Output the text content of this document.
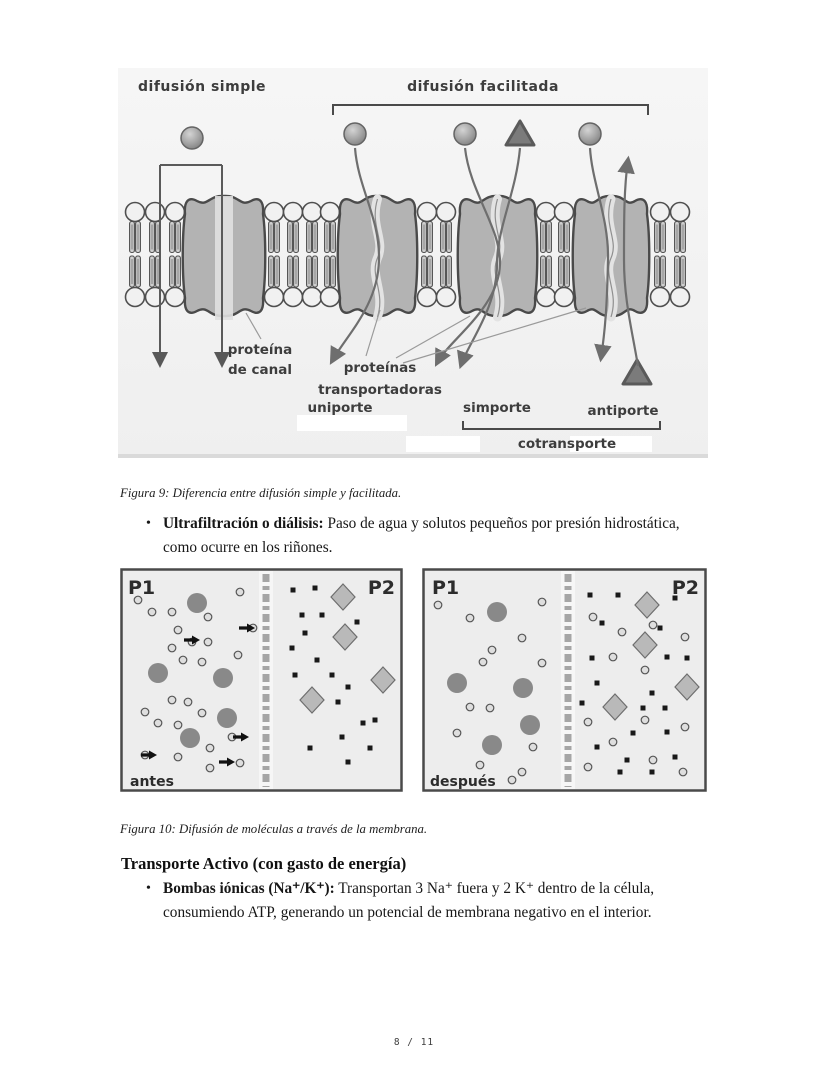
difusión simple	difusión facilitada
proteína
de canal	proteínas
transportadoras
uniporte	simporte	antiporte
cotransporte
Figura 9: Diferencia entre difusión simple y facilitada.
• Ultrafiltración o diálisis: Paso de agua y solutos pequeños por presión hidrostática, como ocurre en los riñones.
P1	P2
antes
P1	P2
después
Figura 10: Difusión de moléculas a través de la membrana.
Transporte Activo (con gasto de energía)
• Bombas iónicas (Na⁺/K⁺): Transportan 3 Na⁺ fuera y 2 K⁺ dentro de la célula, consumiendo ATP, generando un potencial de membrana negativo en el interior.
8 / 11
